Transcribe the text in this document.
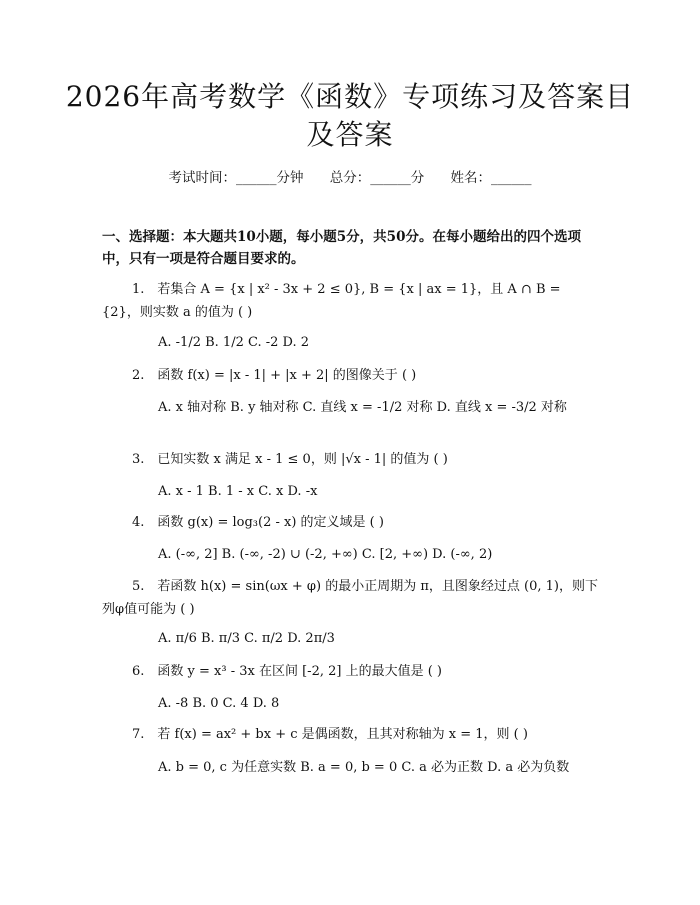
2026年高考数学《函数》专项练习及答案目及答案
考试时间：______分钟 总分：______分 姓名：______
一、选择题：本大题共10小题，每小题5分，共50分。在每小题给出的四个选项中，只有一项是符合题目要求的。
1.　若集合 A = {x | x² - 3x + 2 ≤ 0}, B = {x | ax = 1}，且 A ∩ B = {2}，则实数 a 的值为 ( )
A. -1/2 B. 1/2 C. -2 D. 2
2.　函数 f(x) = |x - 1| + |x + 2| 的图像关于 ( )
A. x 轴对称 B. y 轴对称 C. 直线 x = -1/2 对称 D. 直线 x = -3/2 对称
3.　已知实数 x 满足 x - 1 ≤ 0，则 |√x - 1| 的值为 ( )
A. x - 1 B. 1 - x C. x D. -x
4.　函数 g(x) = log₃(2 - x) 的定义域是 ( )
A. (-∞, 2] B. (-∞, -2) ∪ (-2, +∞) C. [2, +∞) D. (-∞, 2)
5.　若函数 h(x) = sin(ωx + φ) 的最小正周期为 π，且图象经过点 (0, 1)，则下列φ值可能为 ( )
A. π/6 B. π/3 C. π/2 D. 2π/3
6.　函数 y = x³ - 3x 在区间 [-2, 2] 上的最大值是 ( )
A. -8 B. 0 C. 4 D. 8
7.　若 f(x) = ax² + bx + c 是偶函数，且其对称轴为 x = 1，则 ( )
A. b = 0, c 为任意实数 B. a = 0, b = 0 C. a 必为正数 D. a 必为负数
